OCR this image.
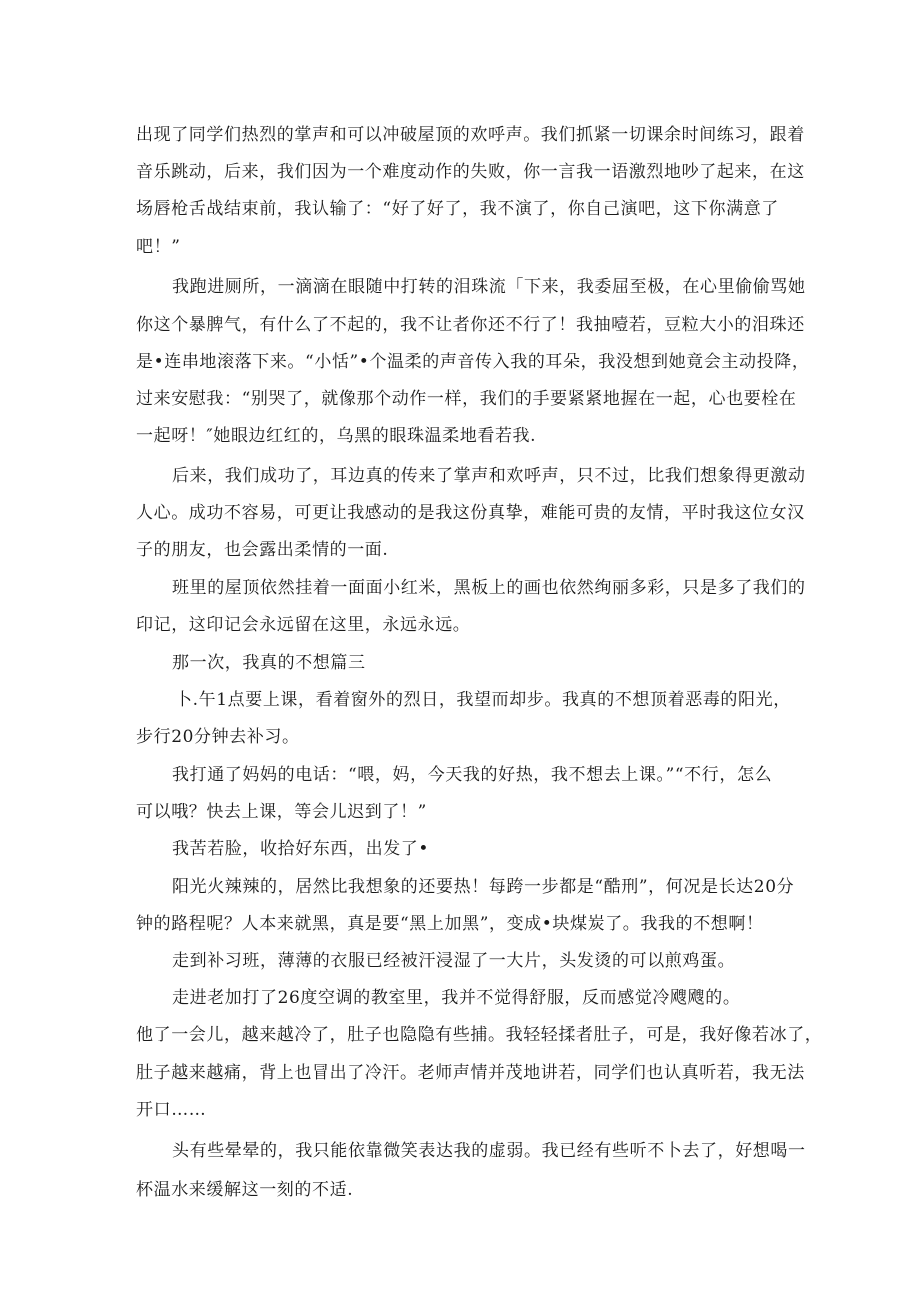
出现了同学们热烈的掌声和可以冲破屋顶的欢呼声。我们抓紧一切课余时间练习，跟着

音乐跳动，后来，我们因为一个难度动作的失败，你一言我一语激烈地吵了起来，在这

场唇枪舌战结束前，我认输了：“好了好了，我不演了，你自己演吧，这下你满意了

吧！”

我跑进厕所，一滴滴在眼随中打转的泪珠流「下来，我委屈至极，在心里偷偷骂她

你这个暴脾气，有什么了不起的，我不让者你还不行了！我抽噎若，豆粒大小的泪珠还

是•连串地滚落下来。“小恬”•个温柔的声音传入我的耳朵，我没想到她竟会主动投降，

过来安慰我：“别哭了，就像那个动作一样，我们的手要紧紧地握在一起，心也要栓在

一起呀！″她眼边红红的，乌黑的眼珠温柔地看若我.

后来，我们成功了，耳边真的传来了掌声和欢呼声，只不过，比我们想象得更激动

人心。成功不容易，可更让我感动的是我这份真挚，难能可贵的友情，平时我这位女汉

子的朋友，也会露出柔情的一面.

班里的屋顶依然挂着一面面小红米，黑板上的画也依然绚丽多彩，只是多了我们的

印记，这印记会永远留在这里，永远永远。

那一次，我真的不想篇三

卜.午1点要上课，看着窗外的烈日，我望而却步。我真的不想顶着恶毒的阳光，

步行20分钟去补习。

我打通了妈妈的电话：“喂，妈，今天我的好热，我不想去上课。”“不行，怎么

可以哦？快去上课，等会儿迟到了！”

我苦若脸，收拾好东西，出发了•

阳光火辣辣的，居然比我想象的还要热！每跨一步都是“酷刑”，何况是长达20分

钟的路程呢？人本来就黑，真是要“黑上加黑”，变成•块煤炭了。我我的不想啊！

走到补习班，薄薄的衣服已经被汗浸湿了一大片，头发烫的可以煎鸡蛋。

走进老加打了26度空调的教室里，我并不觉得舒服，反而感觉冷飕飕的。

他了一会儿，越来越冷了，肚子也隐隐有些捕。我轻轻揉者肚子，可是，我好像若冰了，

肚子越来越痛，背上也冒出了冷汗。老师声情并茂地讲若，同学们也认真听若，我无法

开口……

头有些晕晕的，我只能依靠微笑表达我的虚弱。我已经有些听不卜去了，好想喝一

杯温水来缓解这一刻的不适.
